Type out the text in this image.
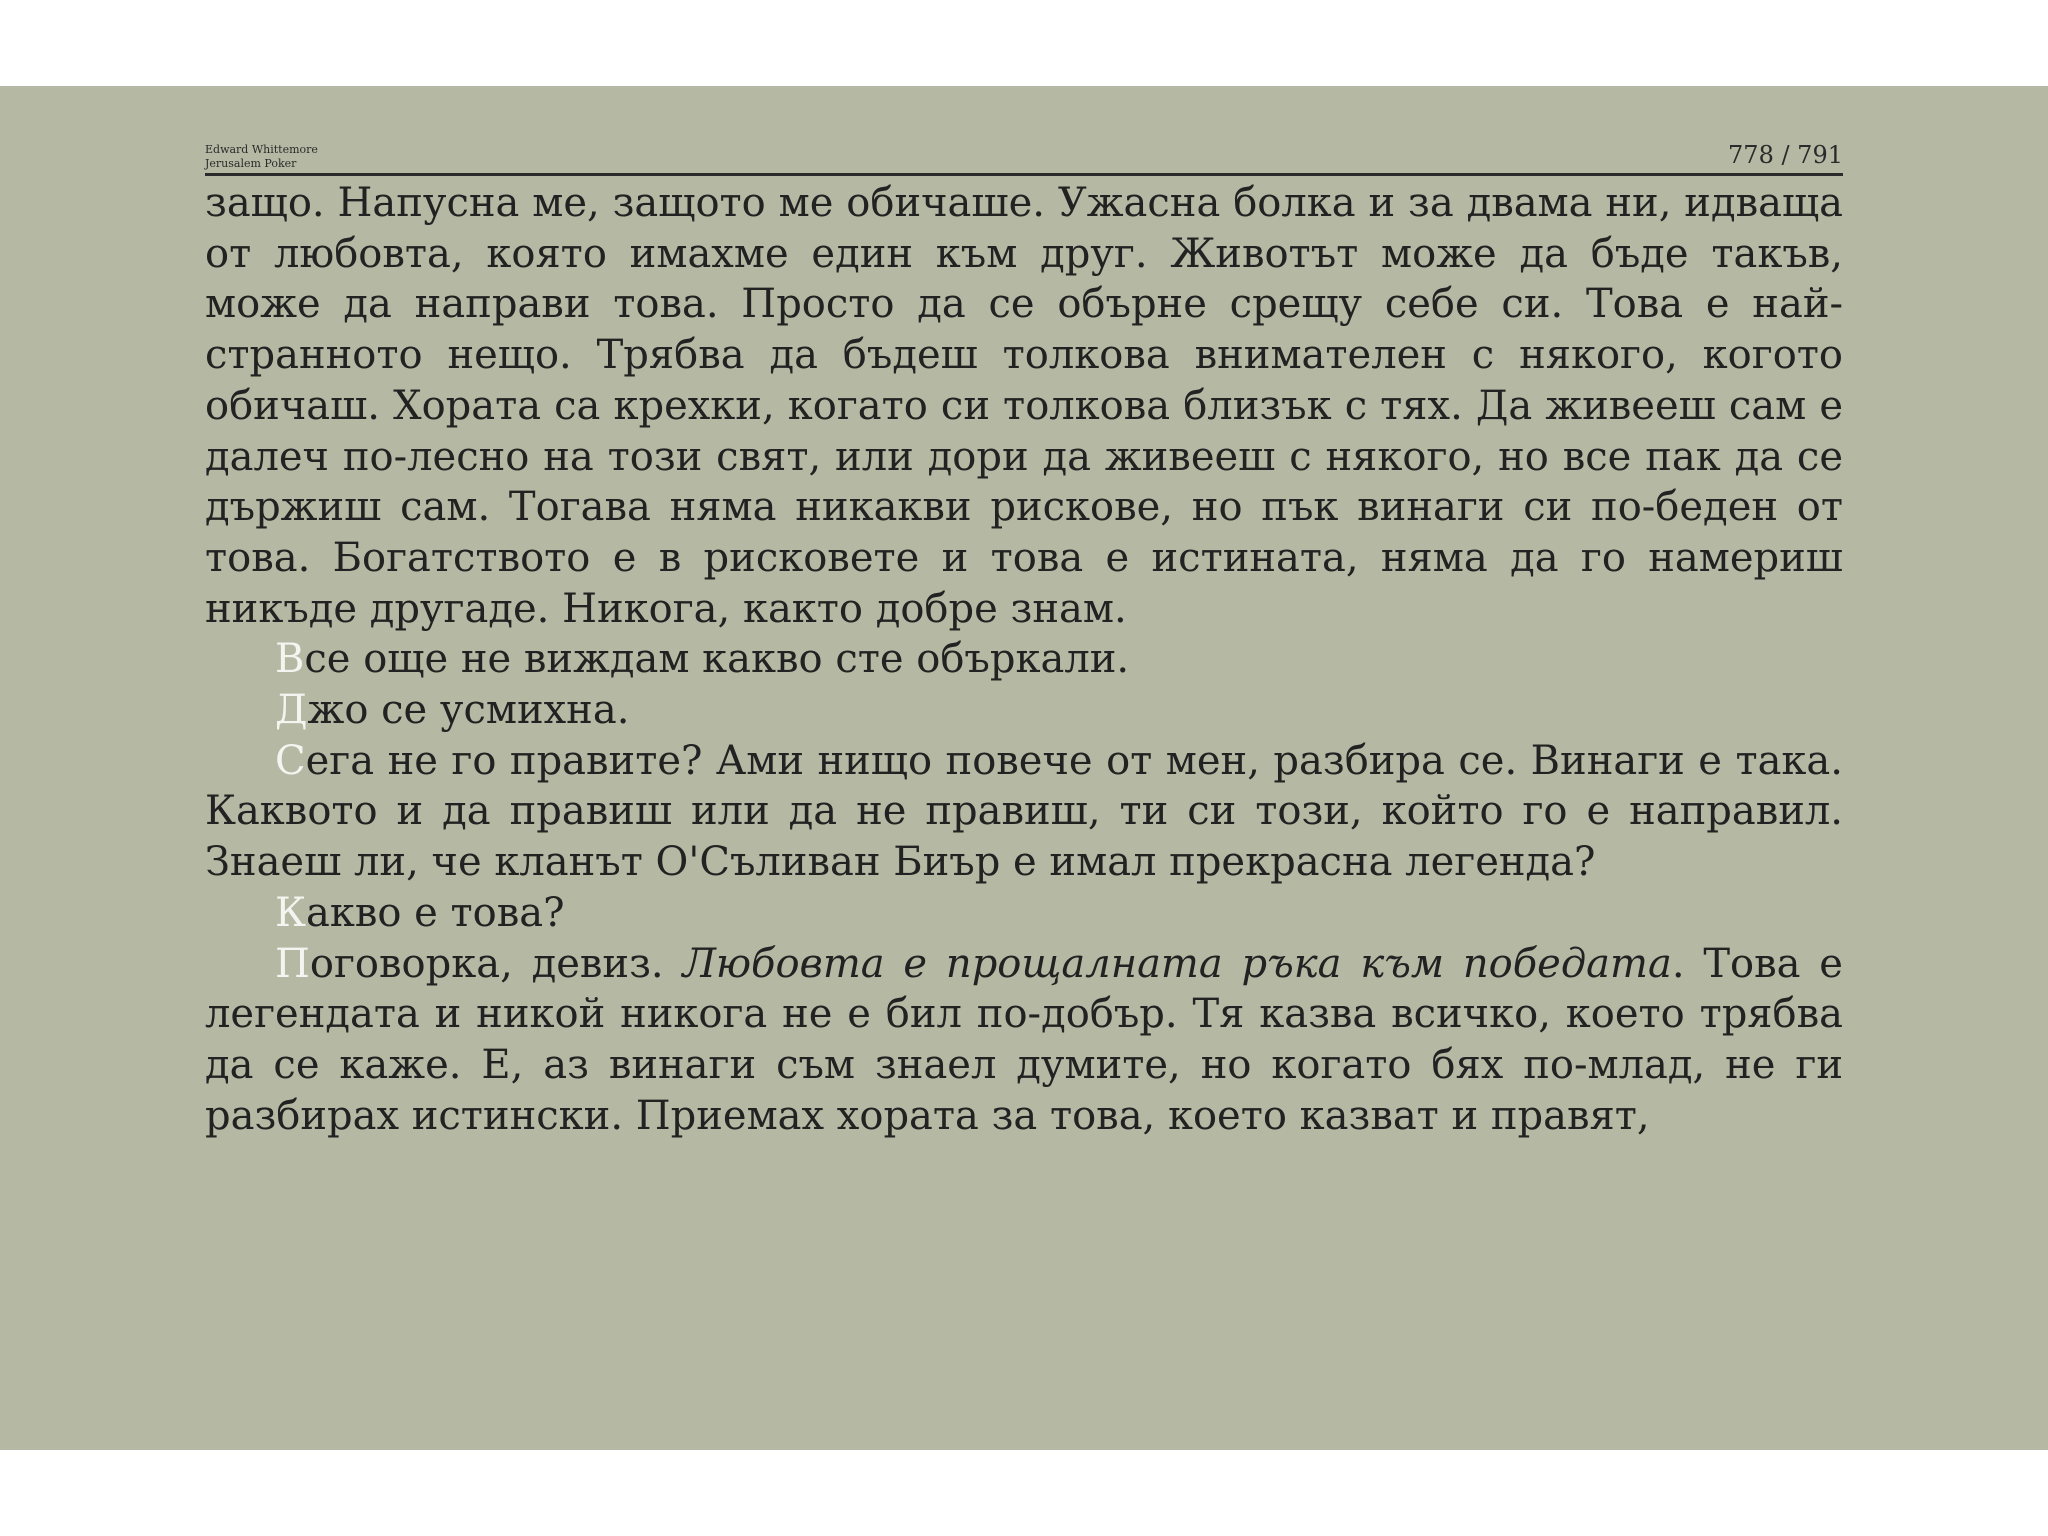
Edward Whittemore
Jerusalem Poker	778 / 791

защо. Напусна ме, защото ме обичаше. Ужасна болка и за двама ни, идваща от любовта, която имахме един към друг. Животът може да бъде такъв, може да направи това. Просто да се обърне срещу себе си. Това е най-странното нещо. Трябва да бъдеш толкова внимателен с някого, когото обичаш. Хората са крехки, когато си толкова близък с тях. Да живееш сам е далеч по-лесно на този свят, или дори да живееш с някого, но все пак да се държиш сам. Тогава няма никакви рискове, но пък винаги си по-беден от това. Богатството е в рисковете и това е истината, няма да го намериш никъде другаде. Никога, както добре знам.

Все още не виждам какво сте объркали.

Джо се усмихна.

Сега не го правите? Ами нищо повече от мен, разбира се. Винаги е така. Каквото и да правиш или да не правиш, ти си този, който го е направил. Знаеш ли, че кланът О'Съливан Биър е имал прекрасна легенда?

Какво е това?

Поговорка, девиз. Любовта е прощалната ръка към победата. Това е легендата и никой никога не е бил по-добър. Тя казва всичко, което трябва да се каже. Е, аз винаги съм знаел думите, но когато бях по-млад, не ги разбирах истински. Приемах хората за това, което казват и правят,
